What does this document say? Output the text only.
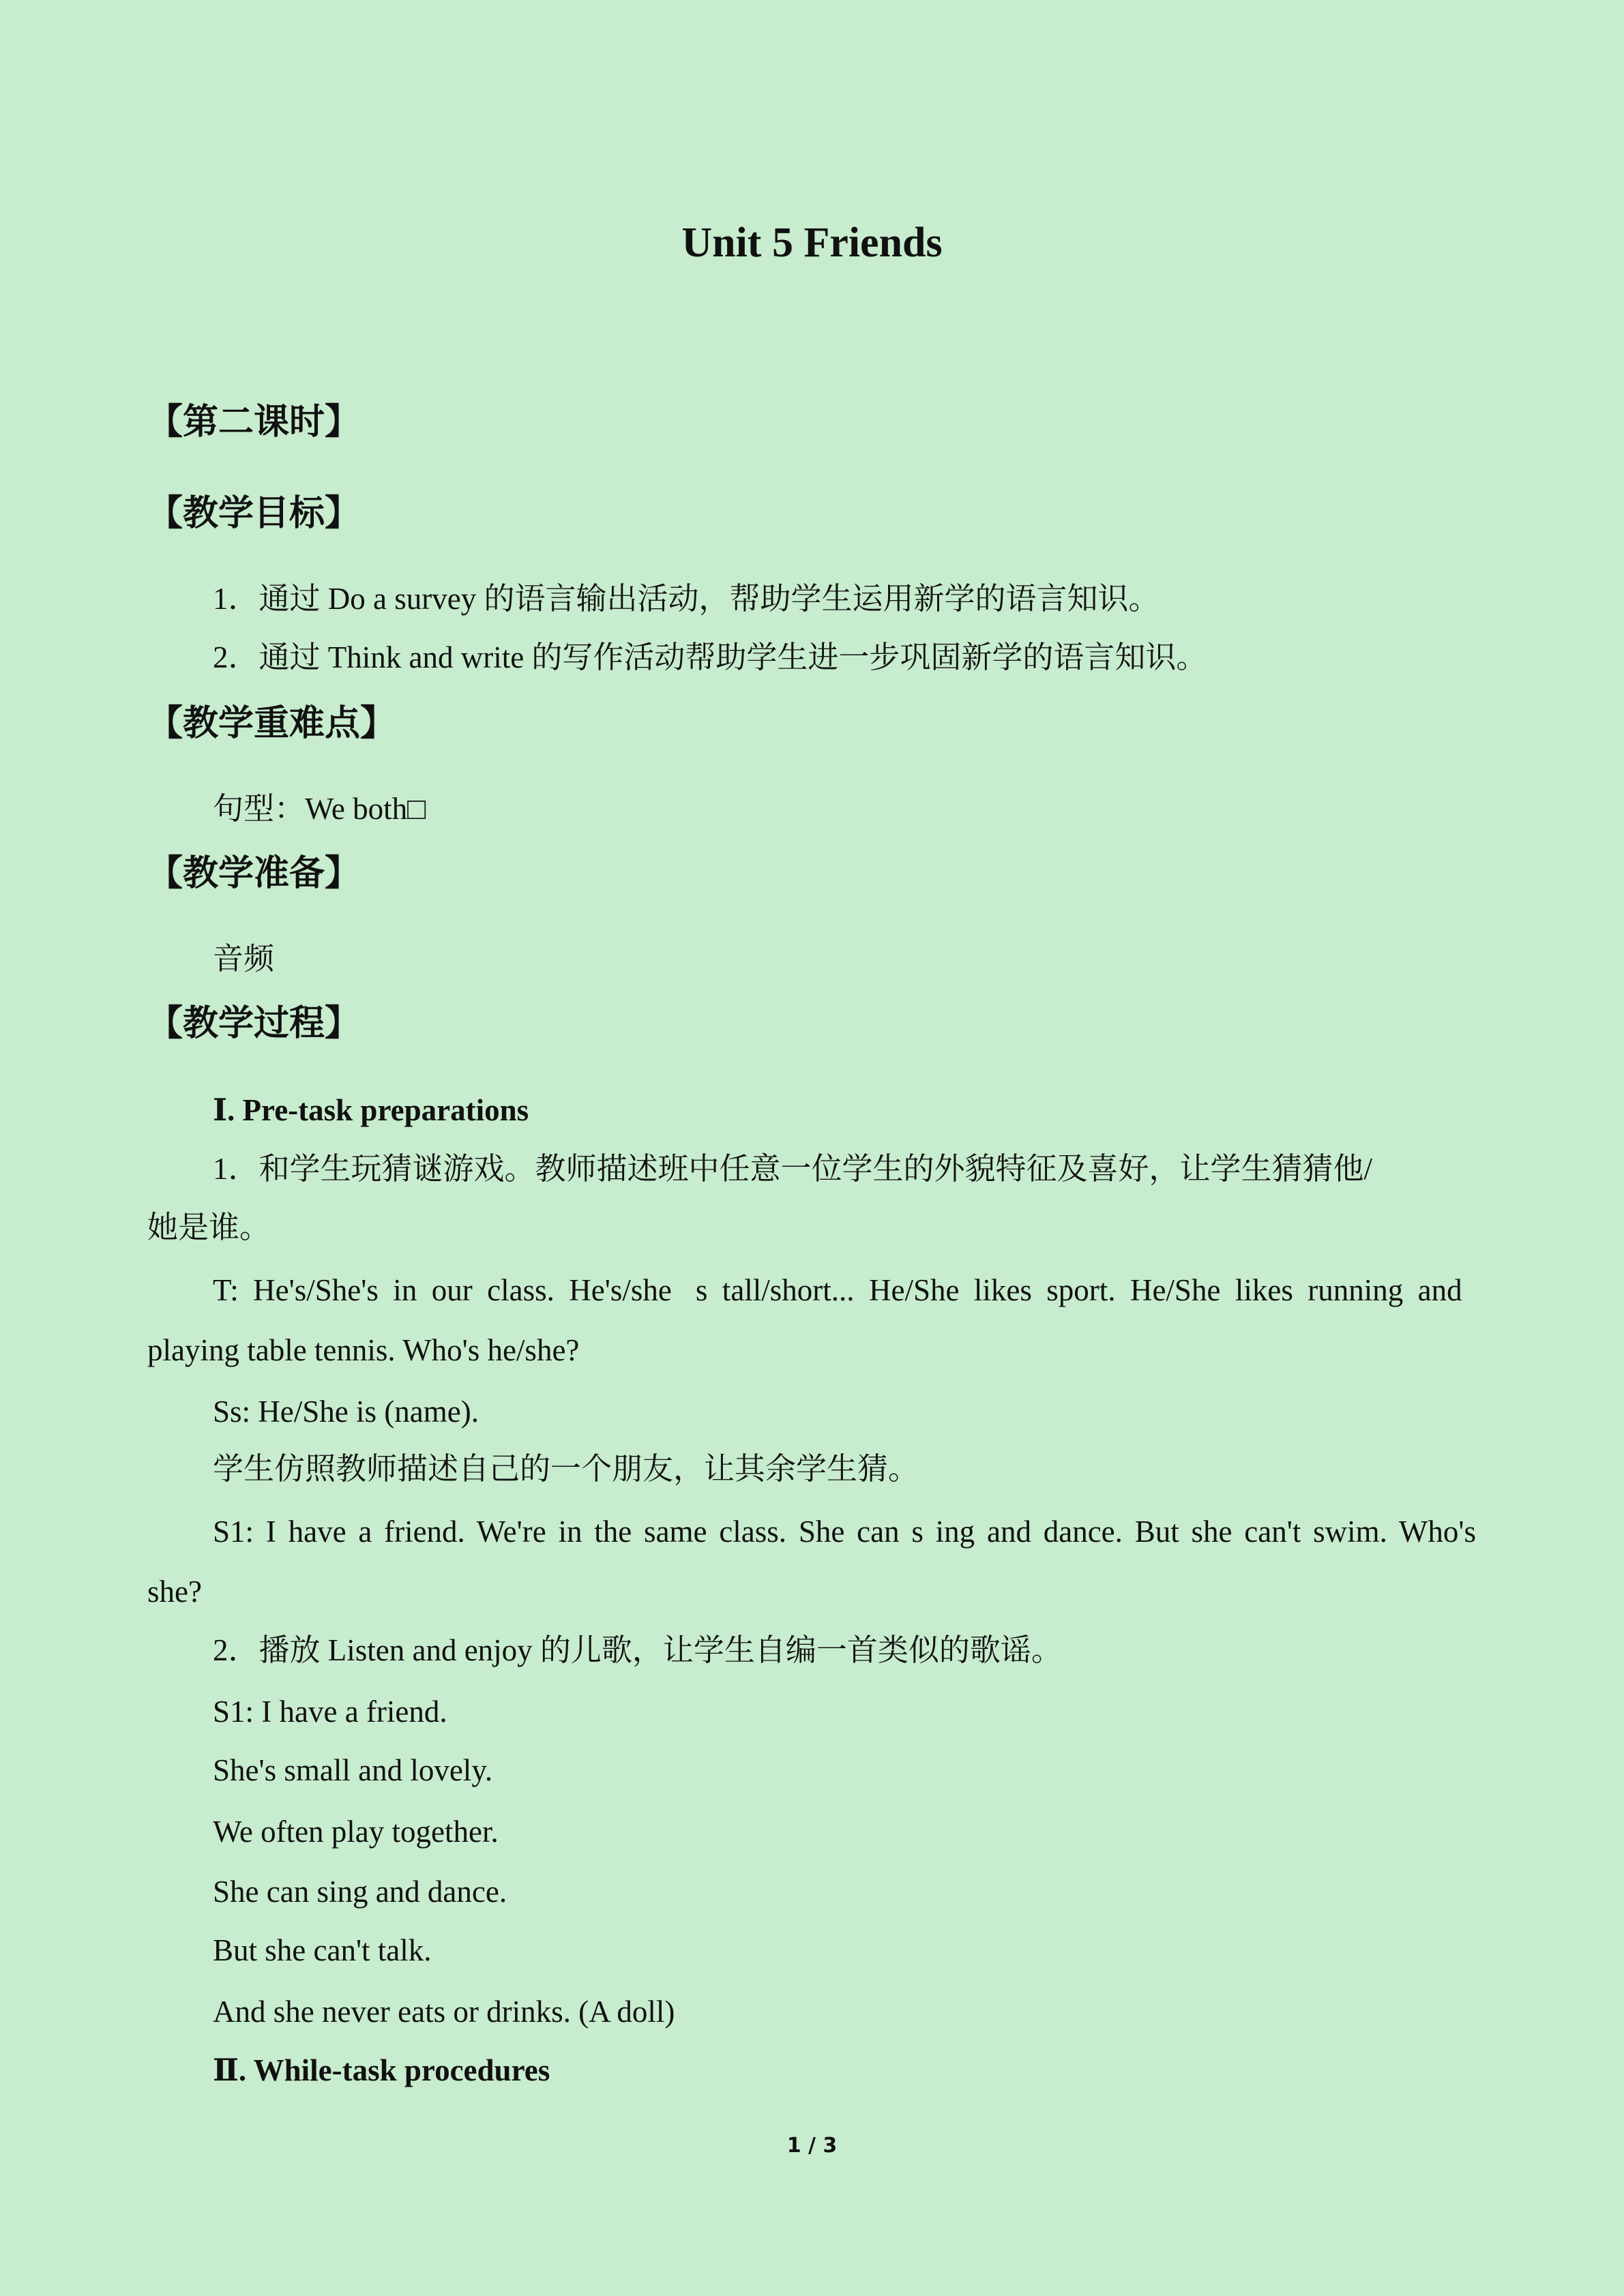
Unit 5 Friends
【第二课时】
【教学目标】
1．通过 Do a survey 的语言输出活动，帮助学生运用新学的语言知识。
2．通过 Think and write 的写作活动帮助学生进一步巩固新学的语言知识。
【教学重难点】
句型：We both□
【教学准备】
音频
【教学过程】
Ⅰ. Pre-task preparations
1．和学生玩猜谜游戏。教师描述班中任意一位学生的外貌特征及喜好，让学生猜猜他/
她是谁。
T: He's/She's in our class. He's/she⃞s tall/short... He/She likes sport. He/She likes running and
playing table tennis. Who's he/she?
Ss: He/She is (name).
学生仿照教师描述自己的一个朋友，让其余学生猜。
S1: I have a friend. We're in the same class. She can s ing and dance. But she can't swim. Who's
she?
2．播放 Listen and enjoy 的儿歌，让学生自编一首类似的歌谣。
S1: I have a friend.
She's small and lovely.
We often play together.
She can sing and dance.
But she can't talk.
And she never eats or drinks. (A doll)
Ⅱ. While-task procedures
1 / 3
